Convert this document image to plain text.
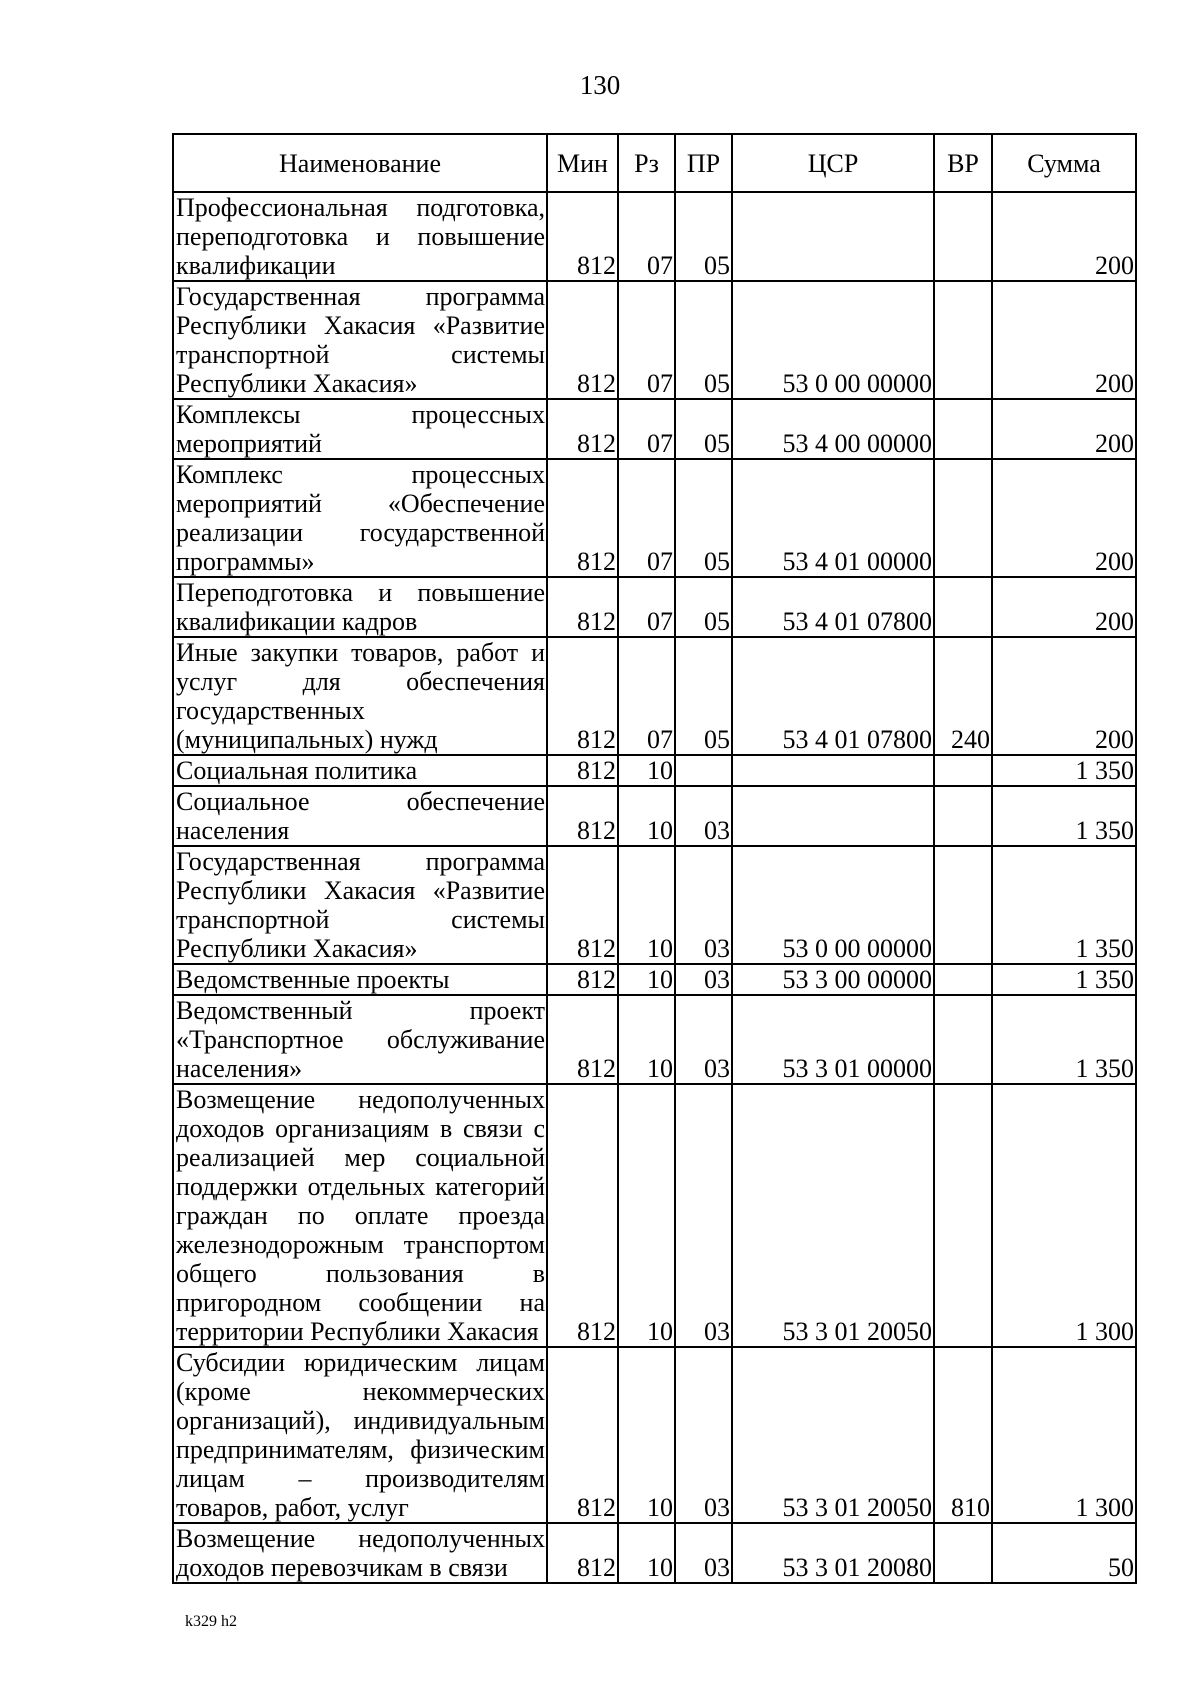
130
Наименование	Мин	Рз	ПР	ЦСР	ВР	Сумма
Профессиональная подготовка, переподготовка и повышение квалификации	812	07	05			200
Государственная программа Республики Хакасия «Развитие транспортной системы Республики Хакасия»	812	07	05	53 0 00 00000		200
Комплексы процессных мероприятий	812	07	05	53 4 00 00000		200
Комплекс процессных мероприятий «Обеспечение реализации государственной программы»	812	07	05	53 4 01 00000		200
Переподготовка и повышение квалификации кадров	812	07	05	53 4 01 07800		200
Иные закупки товаров, работ и услуг для обеспечения государственных (муниципальных) нужд	812	07	05	53 4 01 07800	240	200
Социальная политика	812	10				1 350
Социальное обеспечение населения	812	10	03			1 350
Государственная программа Республики Хакасия «Развитие транспортной системы Республики Хакасия»	812	10	03	53 0 00 00000		1 350
Ведомственные проекты	812	10	03	53 3 00 00000		1 350
Ведомственный проект «Транспортное обслуживание населения»	812	10	03	53 3 01 00000		1 350
Возмещение недополученных доходов организациям в связи с реализацией мер социальной поддержки отдельных категорий граждан по оплате проезда железнодорожным транспортом общего пользования в пригородном сообщении на территории Республики Хакасия	812	10	03	53 3 01 20050		1 300
Субсидии юридическим лицам (кроме некоммерческих организаций), индивидуальным предпринимателям, физическим лицам – производителям товаров, работ, услуг	812	10	03	53 3 01 20050	810	1 300
Возмещение недополученных доходов перевозчикам в связи	812	10	03	53 3 01 20080		50
k329 h2
